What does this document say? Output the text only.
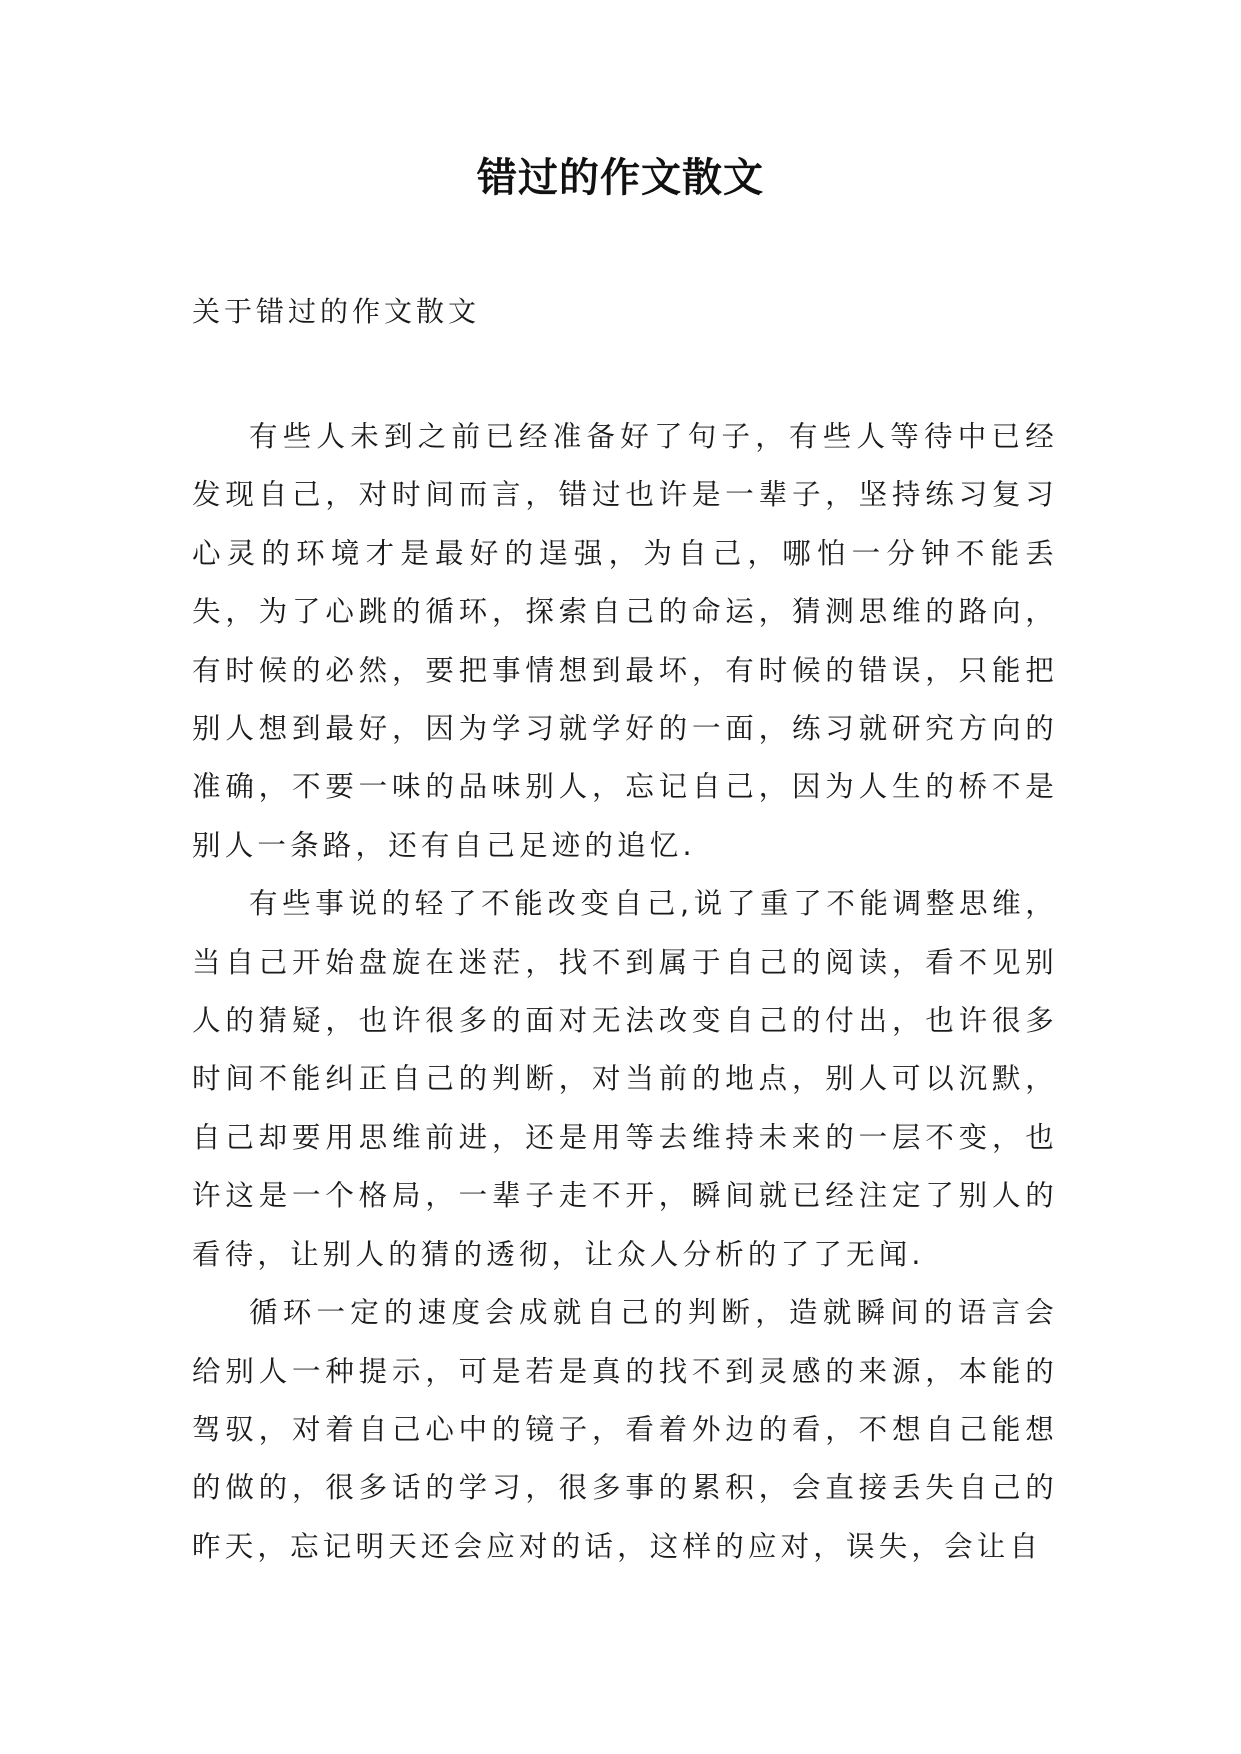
错过的作文散文
关于错过的作文散文

有些人未到之前已经准备好了句子，有些人等待中已经发现自己，对时间而言，错过也许是一辈子，坚持练习复习心灵的环境才是最好的逞强，为自己，哪怕一分钟不能丢失，为了心跳的循环，探索自己的命运，猜测思维的路向，有时候的必然，要把事情想到最坏，有时候的错误，只能把别人想到最好，因为学习就学好的一面，练习就研究方向的准确，不要一味的品味别人，忘记自己，因为人生的桥不是别人一条路，还有自己足迹的追忆.

有些事说的轻了不能改变自己,说了重了不能调整思维，当自己开始盘旋在迷茫，找不到属于自己的阅读，看不见别人的猜疑，也许很多的面对无法改变自己的付出，也许很多时间不能纠正自己的判断，对当前的地点，别人可以沉默，自己却要用思维前进，还是用等去维持未来的一层不变，也许这是一个格局，一辈子走不开，瞬间就已经注定了别人的看待，让别人的猜的透彻，让众人分析的了了无闻.

循环一定的速度会成就自己的判断，造就瞬间的语言会给别人一种提示，可是若是真的找不到灵感的来源，本能的驾驭，对着自己心中的镜子，看着外边的看，不想自己能想的做的，很多话的学习，很多事的累积，会直接丢失自己的昨天，忘记明天还会应对的话，这样的应对，误失，会让自
